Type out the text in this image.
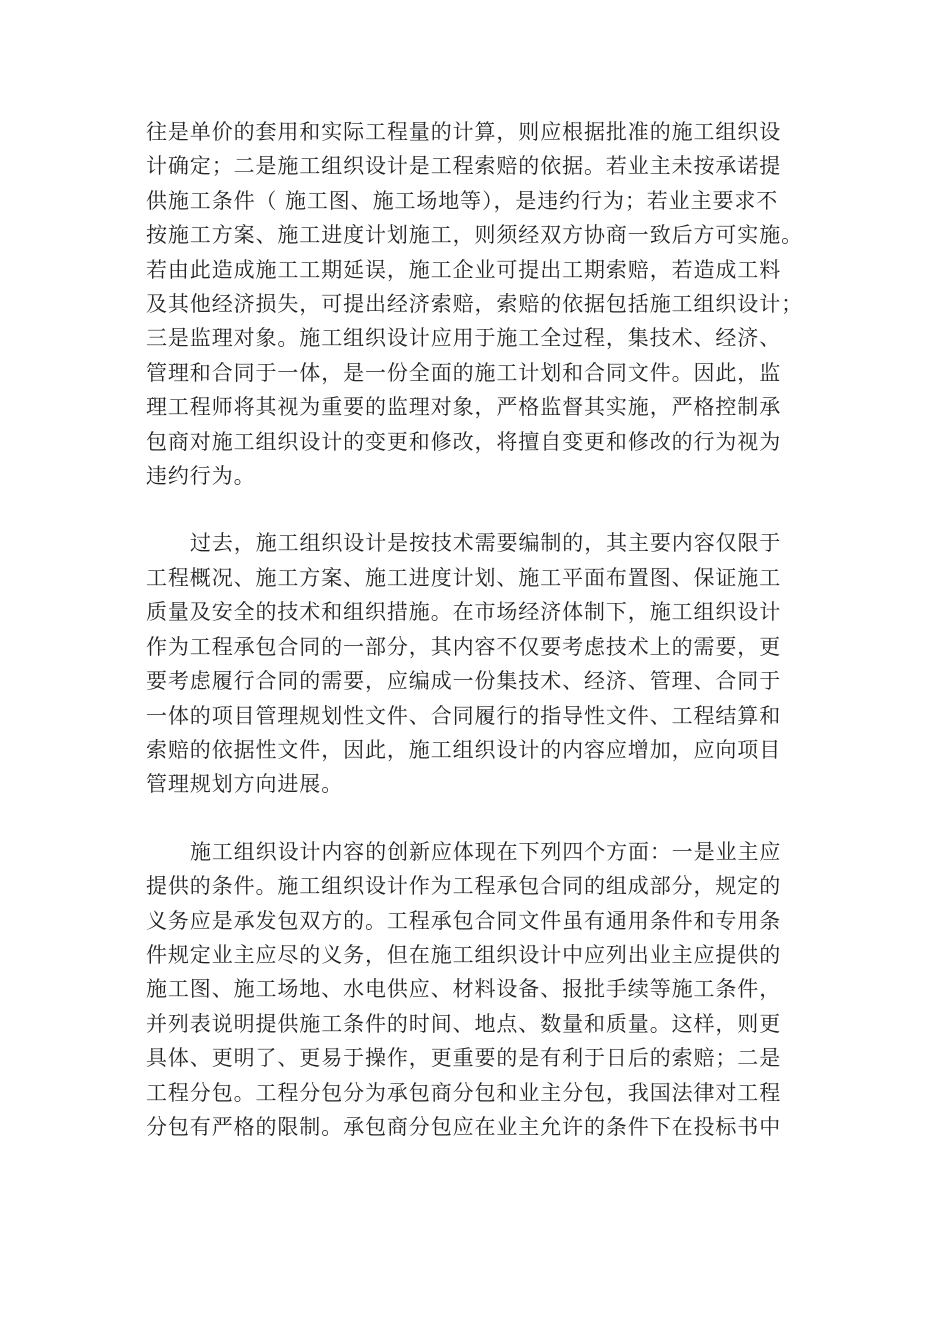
往是单价的套用和实际工程量的计算，则应根据批准的施工组织设
计确定；二是施工组织设计是工程索赔的依据。若业主未按承诺提
供施工条件（ 施工图、施工场地等），是违约行为；若业主要求不
按施工方案、施工进度计划施工，则须经双方协商一致后方可实施。
若由此造成施工工期延误，施工企业可提出工期索赔，若造成工料
及其他经济损失，可提出经济索赔，索赔的依据包括施工组织设计；
三是监理对象。施工组织设计应用于施工全过程，集技术、经济、
管理和合同于一体，是一份全面的施工计划和合同文件。因此，监
理工程师将其视为重要的监理对象，严格监督其实施，严格控制承
包商对施工组织设计的变更和修改，将擅自变更和修改的行为视为
违约行为。
过去，施工组织设计是按技术需要编制的，其主要内容仅限于
工程概况、施工方案、施工进度计划、施工平面布置图、保证施工
质量及安全的技术和组织措施。在市场经济体制下，施工组织设计
作为工程承包合同的一部分，其内容不仅要考虑技术上的需要，更
要考虑履行合同的需要，应编成一份集技术、经济、管理、合同于
一体的项目管理规划性文件、合同履行的指导性文件、工程结算和
索赔的依据性文件，因此，施工组织设计的内容应增加，应向项目
管理规划方向进展。
施工组织设计内容的创新应体现在下列四个方面：一是业主应
提供的条件。施工组织设计作为工程承包合同的组成部分，规定的
义务应是承发包双方的。工程承包合同文件虽有通用条件和专用条
件规定业主应尽的义务，但在施工组织设计中应列出业主应提供的
施工图、施工场地、水电供应、材料设备、报批手续等施工条件，
并列表说明提供施工条件的时间、地点、数量和质量。这样，则更
具体、更明了、更易于操作，更重要的是有利于日后的索赔；二是
工程分包。工程分包分为承包商分包和业主分包，我国法律对工程
分包有严格的限制。承包商分包应在业主允许的条件下在投标书中
